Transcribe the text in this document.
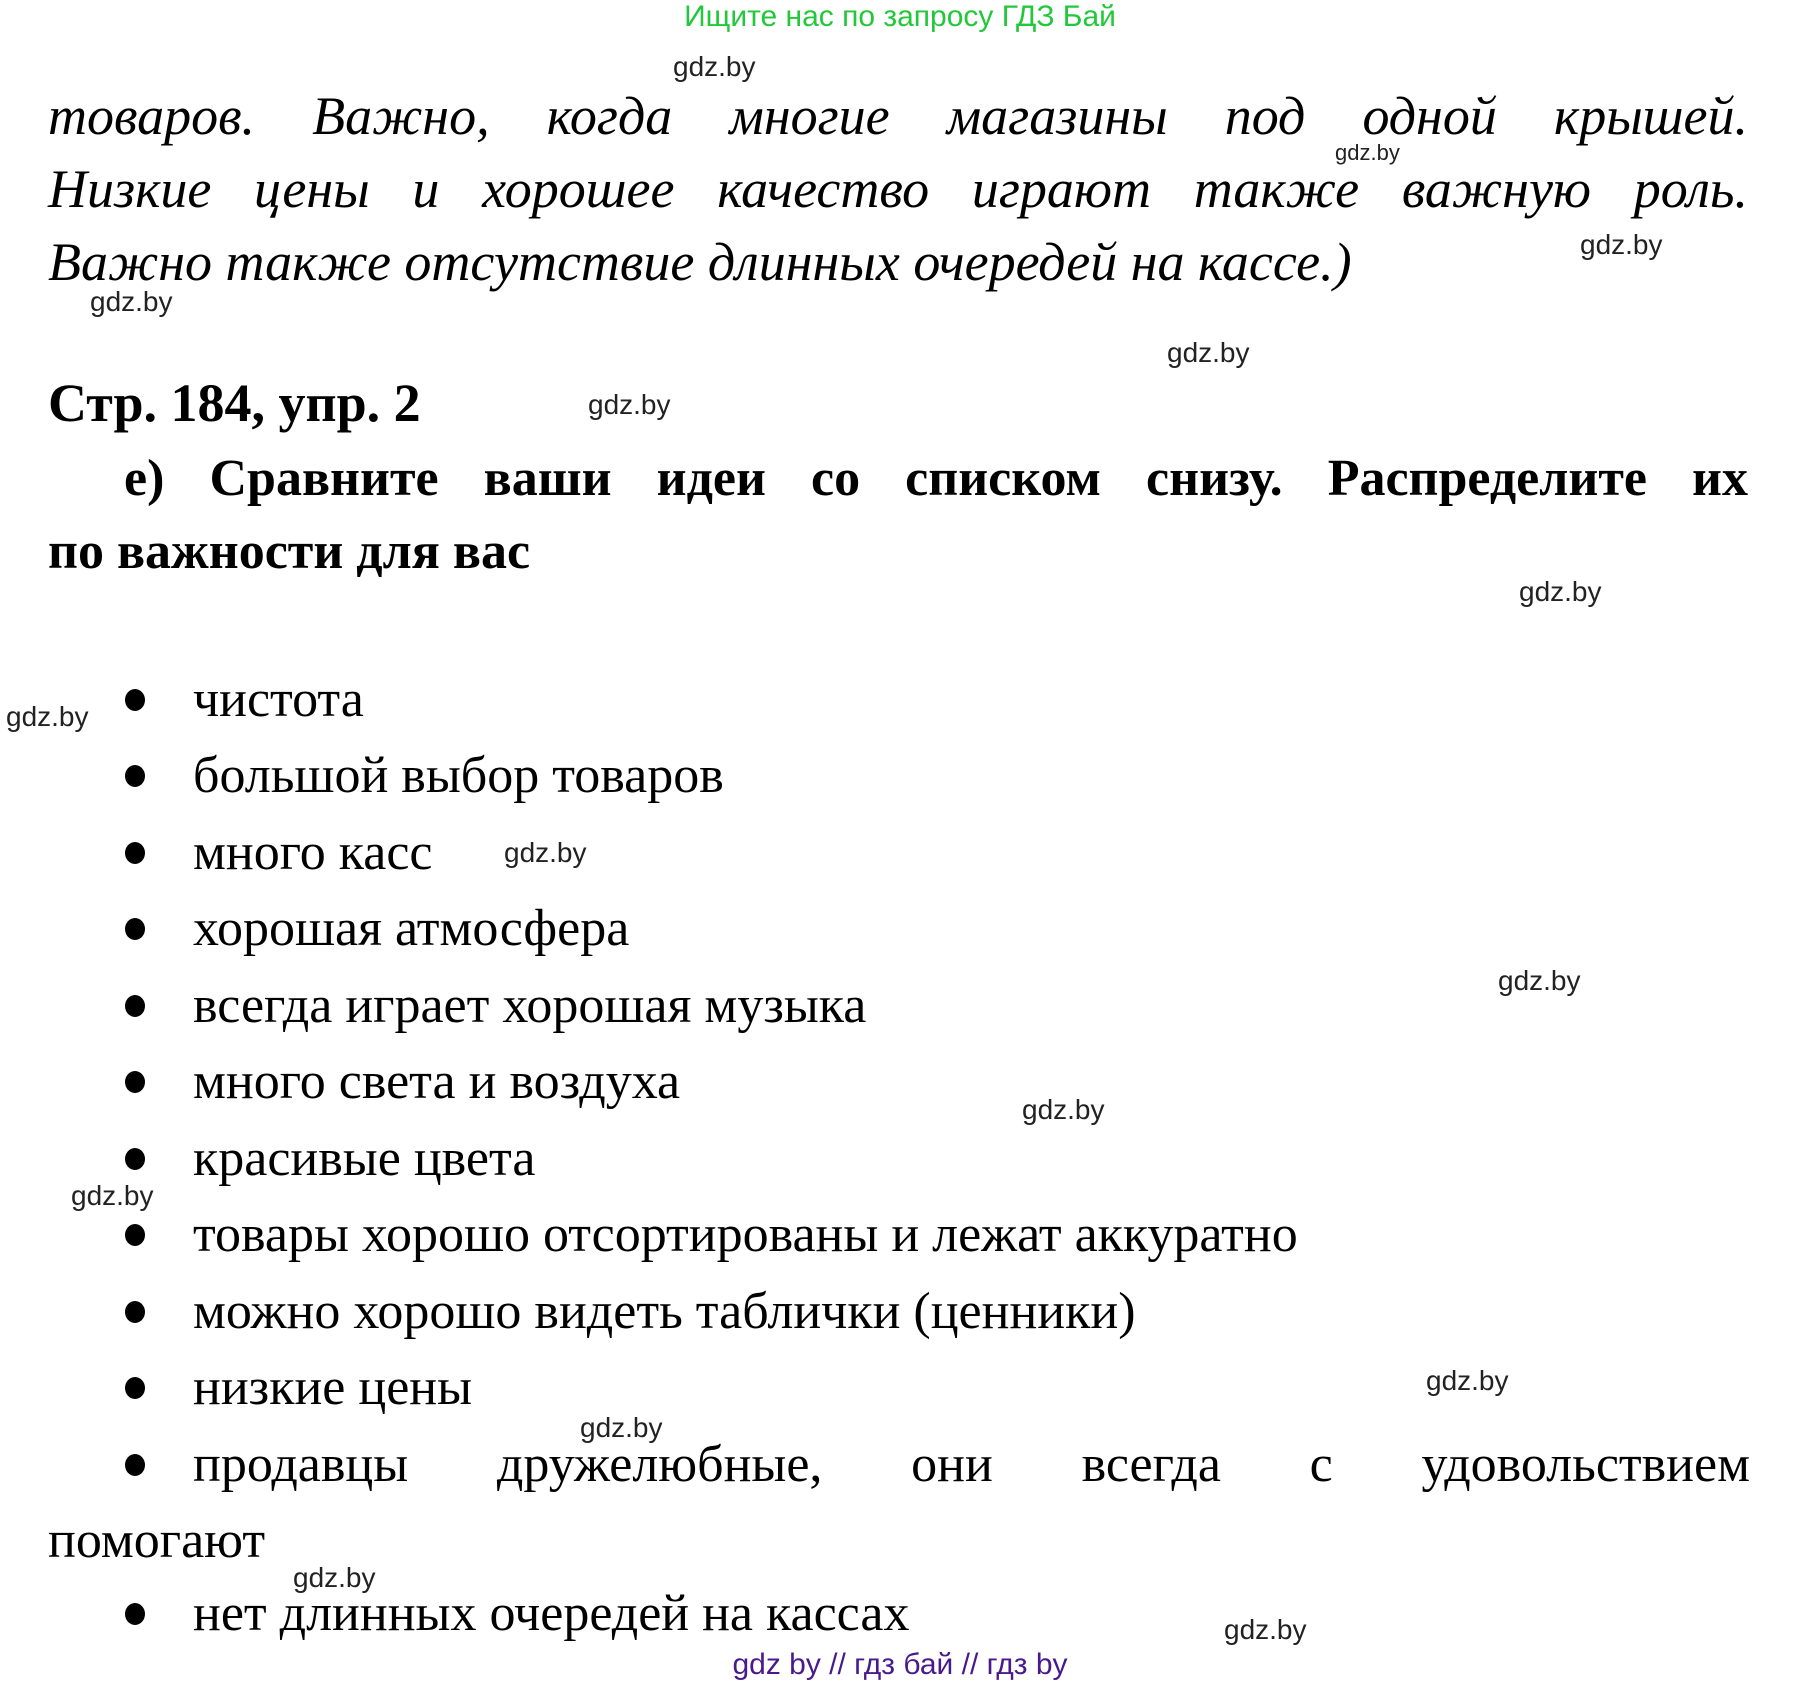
Ищите нас по запросу ГДЗ Бай
gdz.by
gdz.by
gdz.by
gdz.by
gdz.by
gdz.by
gdz.by
gdz.by
gdz.by
gdz.by
gdz.by
gdz.by
gdz.by
gdz.by
gdz.by
gdz.by
товаров. Важно, когда многие магазины под одной крышей.
Низкие цены и хорошее качество играют также важную роль.
Важно также отсутствие длинных очередей на кассе.)
Стр. 184, упр. 2
е) Сравните ваши идеи со списком снизу. Распределите их
по важности для вас
чистота
большой выбор товаров
много касс
хорошая атмосфера
всегда играет хорошая музыка
много света и воздуха
красивые цвета
товары хорошо отсортированы и лежат аккуратно
можно хорошо видеть таблички (ценники)
низкие цены
продавцы дружелюбные, они всегда с удовольствием
помогают
нет длинных очередей на кассах
gdz by // гдз бай // гдз by
